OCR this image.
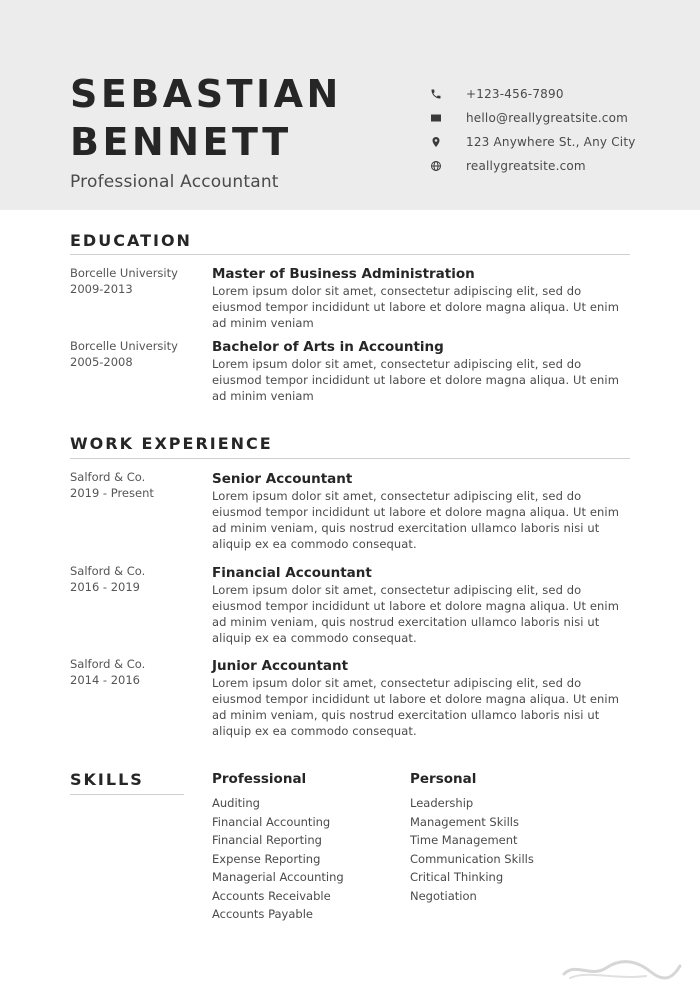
SEBASTIAN
BENNETT
Professional Accountant
+123-456-7890
hello@reallygreatsite.com
123 Anywhere St., Any City
reallygreatsite.com
EDUCATION
Borcelle University
2009-2013
Master of Business Administration
Lorem ipsum dolor sit amet, consectetur adipiscing elit, sed do
eiusmod tempor incididunt ut labore et dolore magna aliqua. Ut enim
ad minim veniam
Borcelle University
2005-2008
Bachelor of Arts in Accounting
Lorem ipsum dolor sit amet, consectetur adipiscing elit, sed do
eiusmod tempor incididunt ut labore et dolore magna aliqua. Ut enim
ad minim veniam
WORK EXPERIENCE
Salford & Co.
2019 - Present
Senior Accountant
Lorem ipsum dolor sit amet, consectetur adipiscing elit, sed do
eiusmod tempor incididunt ut labore et dolore magna aliqua. Ut enim
ad minim veniam, quis nostrud exercitation ullamco laboris nisi ut
aliquip ex ea commodo consequat.
Salford & Co.
2016 - 2019
Financial Accountant
Lorem ipsum dolor sit amet, consectetur adipiscing elit, sed do
eiusmod tempor incididunt ut labore et dolore magna aliqua. Ut enim
ad minim veniam, quis nostrud exercitation ullamco laboris nisi ut
aliquip ex ea commodo consequat.
Salford & Co.
2014 - 2016
Junior Accountant
Lorem ipsum dolor sit amet, consectetur adipiscing elit, sed do
eiusmod tempor incididunt ut labore et dolore magna aliqua. Ut enim
ad minim veniam, quis nostrud exercitation ullamco laboris nisi ut
aliquip ex ea commodo consequat.
SKILLS	Professional
Auditing
Financial Accounting
Financial Reporting
Expense Reporting
Managerial Accounting
Accounts Receivable
Accounts Payable
Personal
Leadership
Management Skills
Time Management
Communication Skills
Critical Thinking
Negotiation
